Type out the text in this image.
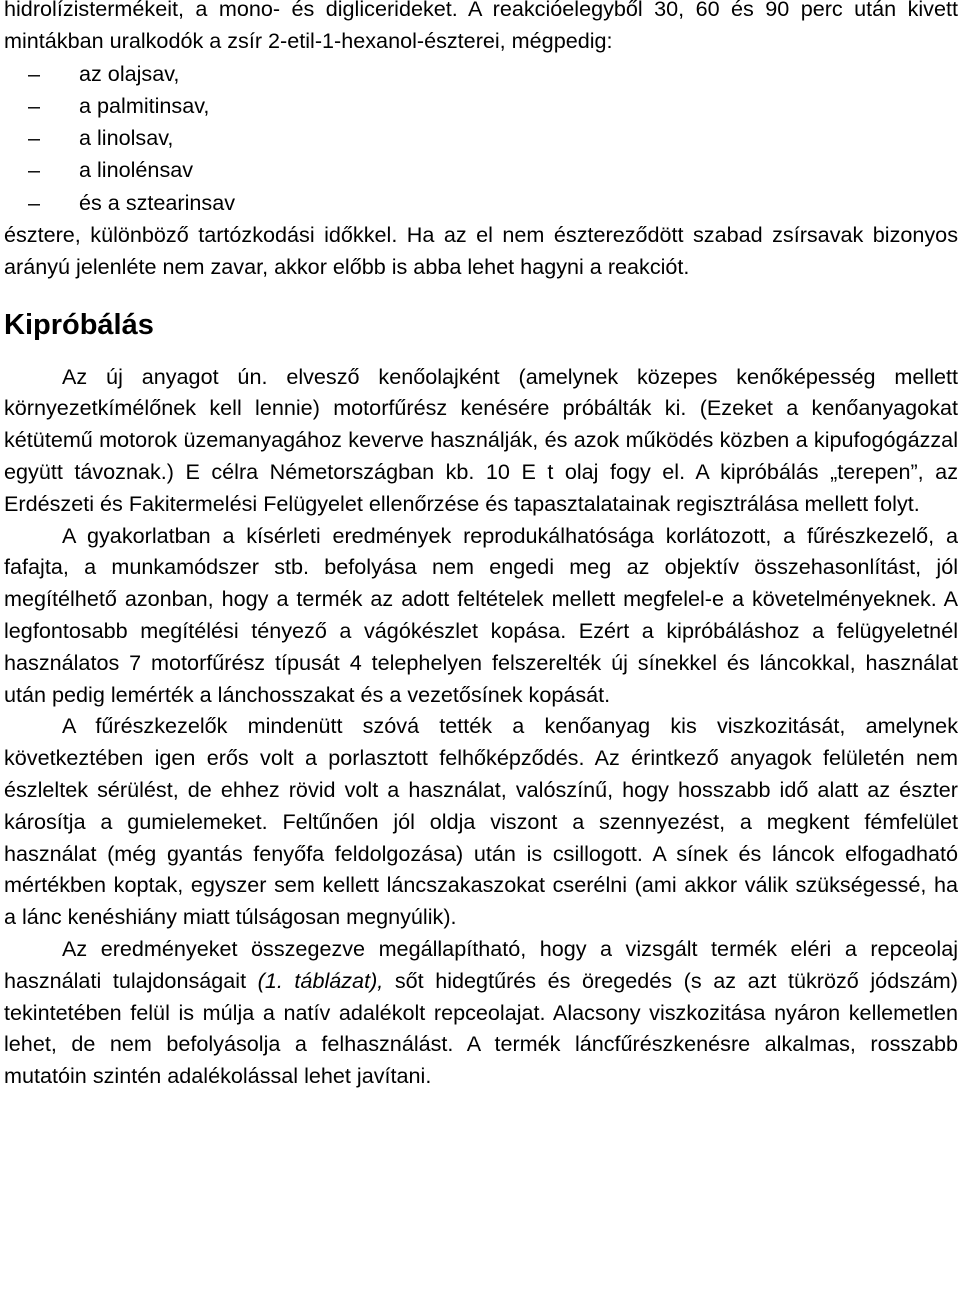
hidrolízistermékeit, a mono- és diglicerideket. A reakcióelegyből 30, 60 és 90 perc után kivett mintákban uralkodók a zsír 2-etil-1-hexanol-észterei, mégpedig:

– az olajsav,
– a palmitinsav,
– a linolsav,
– a linolénsav
– és a sztearinsav

észtere, különböző tartózkodási időkkel. Ha az el nem észtereződött szabad zsírsavak bizonyos arányú jelenléte nem zavar, akkor előbb is abba lehet hagyni a reakciót.

Kipróbálás

Az új anyagot ún. elvesző kenőolajként (amelynek közepes kenőképesség mellett környezetkímélőnek kell lennie) motorfűrész kenésére próbálták ki. (Ezeket a kenőanyagokat kétütemű motorok üzemanyagához keverve használják, és azok működés közben a kipufogógázzal együtt távoznak.) E célra Németországban kb. 10 E t olaj fogy el. A kipróbálás „terepen”, az Erdészeti és Fakitermelési Felügyelet ellenőrzése és tapasztalatainak regisztrálása mellett folyt.

A gyakorlatban a kísérleti eredmények reprodukálhatósága korlátozott, a fűrészkezelő, a fafajta, a munkamódszer stb. befolyása nem engedi meg az objektív összehasonlítást, jól megítélhető azonban, hogy a termék az adott feltételek mellett megfelel-e a követelményeknek. A legfontosabb megítélési tényező a vágókészlet kopása. Ezért a kipróbáláshoz a felügyeletnél használatos 7 motorfűrész típusát 4 telephelyen felszerelték új sínekkel és láncokkal, használat után pedig lemérték a lánchosszakat és a vezetősínek kopását.

A fűrészkezelők mindenütt szóvá tették a kenőanyag kis viszkozitását, amelynek következtében igen erős volt a porlasztott felhőképződés. Az érintkező anyagok felületén nem észleltek sérülést, de ehhez rövid volt a használat, valószínű, hogy hosszabb idő alatt az észter károsítja a gumielemeket. Feltűnően jól oldja viszont a szennyezést, a megkent fémfelület használat (még gyantás fenyőfa feldolgozása) után is csillogott. A sínek és láncok elfogadható mértékben koptak, egyszer sem kellett láncszakaszokat cserélni (ami akkor válik szükségessé, ha a lánc kenéshiány miatt túlságosan megnyúlik).

Az eredményeket összegezve megállapítható, hogy a vizsgált termék eléri a repceolaj használati tulajdonságait (1. táblázat), sőt hidegtűrés és öregedés (s az azt tükröző jódszám) tekintetében felül is múlja a natív adalékolt repceolajat. Alacsony viszkozitása nyáron kellemetlen lehet, de nem befolyásolja a felhasználást. A termék láncfűrészkenésre alkalmas, rosszabb mutatóin szintén adalékolással lehet javítani.
